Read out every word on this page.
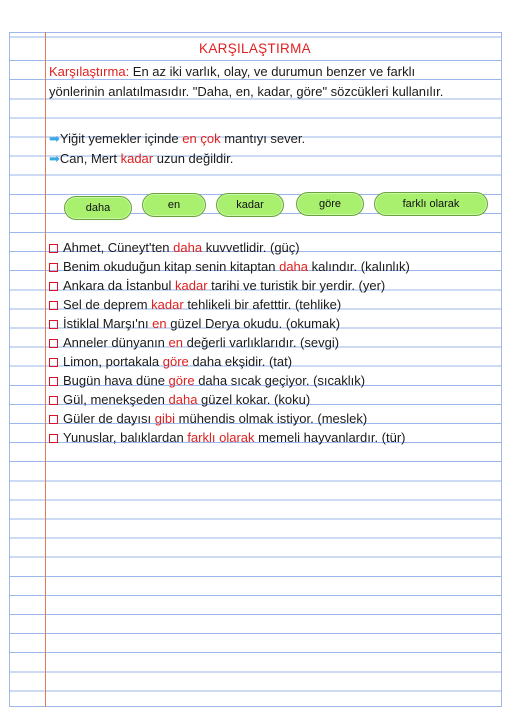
KARŞILAŞTIRMA
Karşılaştırma: En az iki varlık, olay, ve durumun benzer ve farklı
yönlerinin anlatılmasıdır. "Daha, en, kadar, göre" sözcükleri kullanılır.
➡Yiğit yemekler içinde en çok mantıyı sever.
➡Can, Mert kadar uzun değildir.
daha	en	kadar	göre	farklı olarak
Ahmet, Cüneyt'ten daha kuvvetlidir. (güç)
Benim okuduğun kitap senin kitaptan daha kalındır. (kalınlık)
Ankara da İstanbul kadar tarihi ve turistik bir yerdir. (yer)
Sel de deprem kadar tehlikeli bir afetttir. (tehlike)
İstiklal Marşı'nı en güzel Derya okudu. (okumak)
Anneler dünyanın en değerli varlıklarıdır. (sevgi)
Limon, portakala göre daha ekşidir. (tat)
Bugün hava düne göre daha sıcak geçiyor. (sıcaklık)
Gül, menekşeden daha güzel kokar. (koku)
Güler de dayısı gibi mühendis olmak istiyor. (meslek)
Yunuslar, balıklardan farklı olarak memeli hayvanlardır. (tür)
